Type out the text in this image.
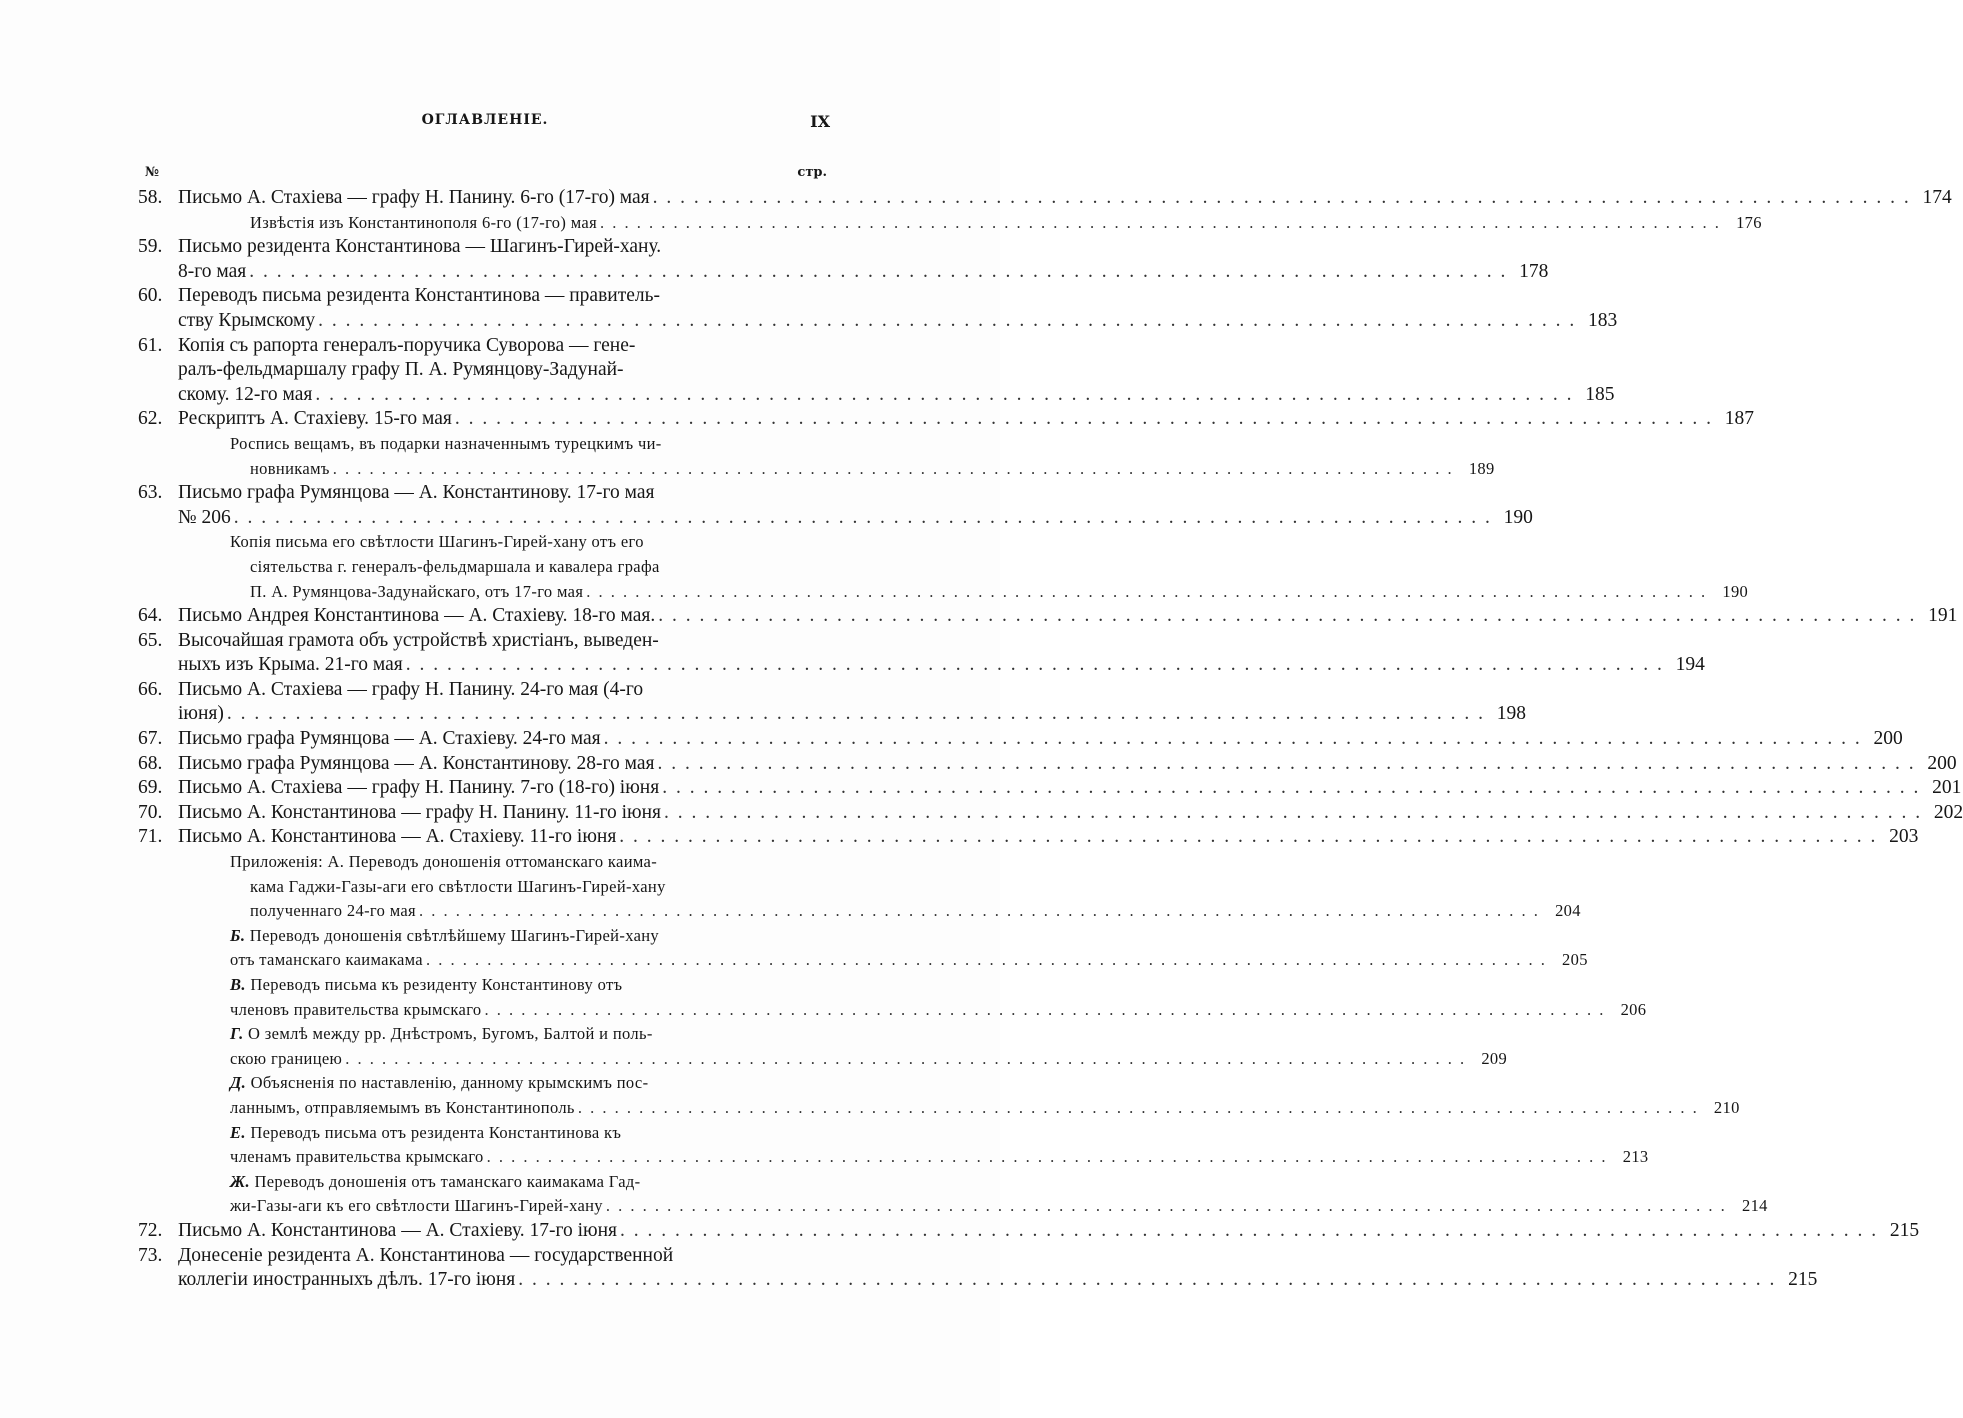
ОГЛАВЛЕНІЕ.	IX
№	стр.
58. Письмо А. Стахіева — графу Н. Панину. 6-го (17-го) мая . . .	174
Извѣстія изъ Константинополя 6-го (17-го) мая . . .	176
59. Письмо резидента Константинова — Шагинъ-Гирей-хану.
8-го мая . . .	178
60. Переводъ письма резидента Константинова — правитель-
ству Крымскому . . .	183
61. Копія съ рапорта генералъ-поручика Суворова — гене-
ралъ-фельдмаршалу графу П. А. Румянцову-Задунай-
скому. 12-го мая . . .	185
62. Рескриптъ А. Стахіеву. 15-го мая . . .	187
Роспись вещамъ, въ подарки назначеннымъ турецкимъ чи-
новникамъ . . .	189
63. Письмо графа Румянцова — А. Константинову. 17-го мая
№ 206 . . .	190
Копія письма его свѣтлости Шагинъ-Гирей-хану отъ его
сіятельства г. генералъ-фельдмаршала и кавалера графа
П. А. Румянцова-Задунайскаго, отъ 17-го мая . . .	190
64. Письмо Андрея Константинова — А. Стахіеву. 18-го мая. . . .	191
65. Высочайшая грамота объ устройствѣ христіанъ, выведен-
ныхъ изъ Крыма. 21-го мая . . .	194
66. Письмо А. Стахіева — графу Н. Панину. 24-го мая (4-го
іюня) . . .	198
67. Письмо графа Румянцова — А. Стахіеву. 24-го мая . . .	200
68. Письмо графа Румянцова — А. Константинову. 28-го мая . . .	200
69. Письмо А. Стахіева — графу Н. Панину. 7-го (18-го) іюня . . .	201
70. Письмо А. Константинова — графу Н. Панину. 11-го іюня . . .	202
71. Письмо А. Константинова — А. Стахіеву. 11-го іюня . . .	203
Приложенія: А. Переводъ доношенія оттоманскаго каима-
кама Гаджи-Газы-аги его свѣтлости Шагинъ-Гирей-хану
полученнаго 24-го мая . . .	204
Б.
Переводъ доношенія свѣтлѣйшему Шагинъ-Гирей-хану
отъ таманскаго каимакама . . .	205
В.
Переводъ письма къ резиденту Константинову отъ
членовъ правительства крымскаго . . .	206
Г.
О землѣ между рр. Днѣстромъ, Бугомъ, Балтой и поль-
скою границею . . .	209
Д.
Объясненія по наставленію, данному крымскимъ пос-
ланнымъ, отправляемымъ въ Константинополь . . .	210
Е.
Переводъ письма отъ резидента Константинова къ
членамъ правительства крымскаго . . .	213
Ж.
Переводъ доношенія отъ таманскаго каимакама Гад-
жи-Газы-аги къ его свѣтлости Шагинъ-Гирей-хану . . .	214
72. Письмо А. Константинова — А. Стахіеву. 17-го іюня . . .	215
73. Донесеніе резидента А. Константинова — государственной
коллегіи иностранныхъ дѣлъ. 17-го іюня . . .	215
